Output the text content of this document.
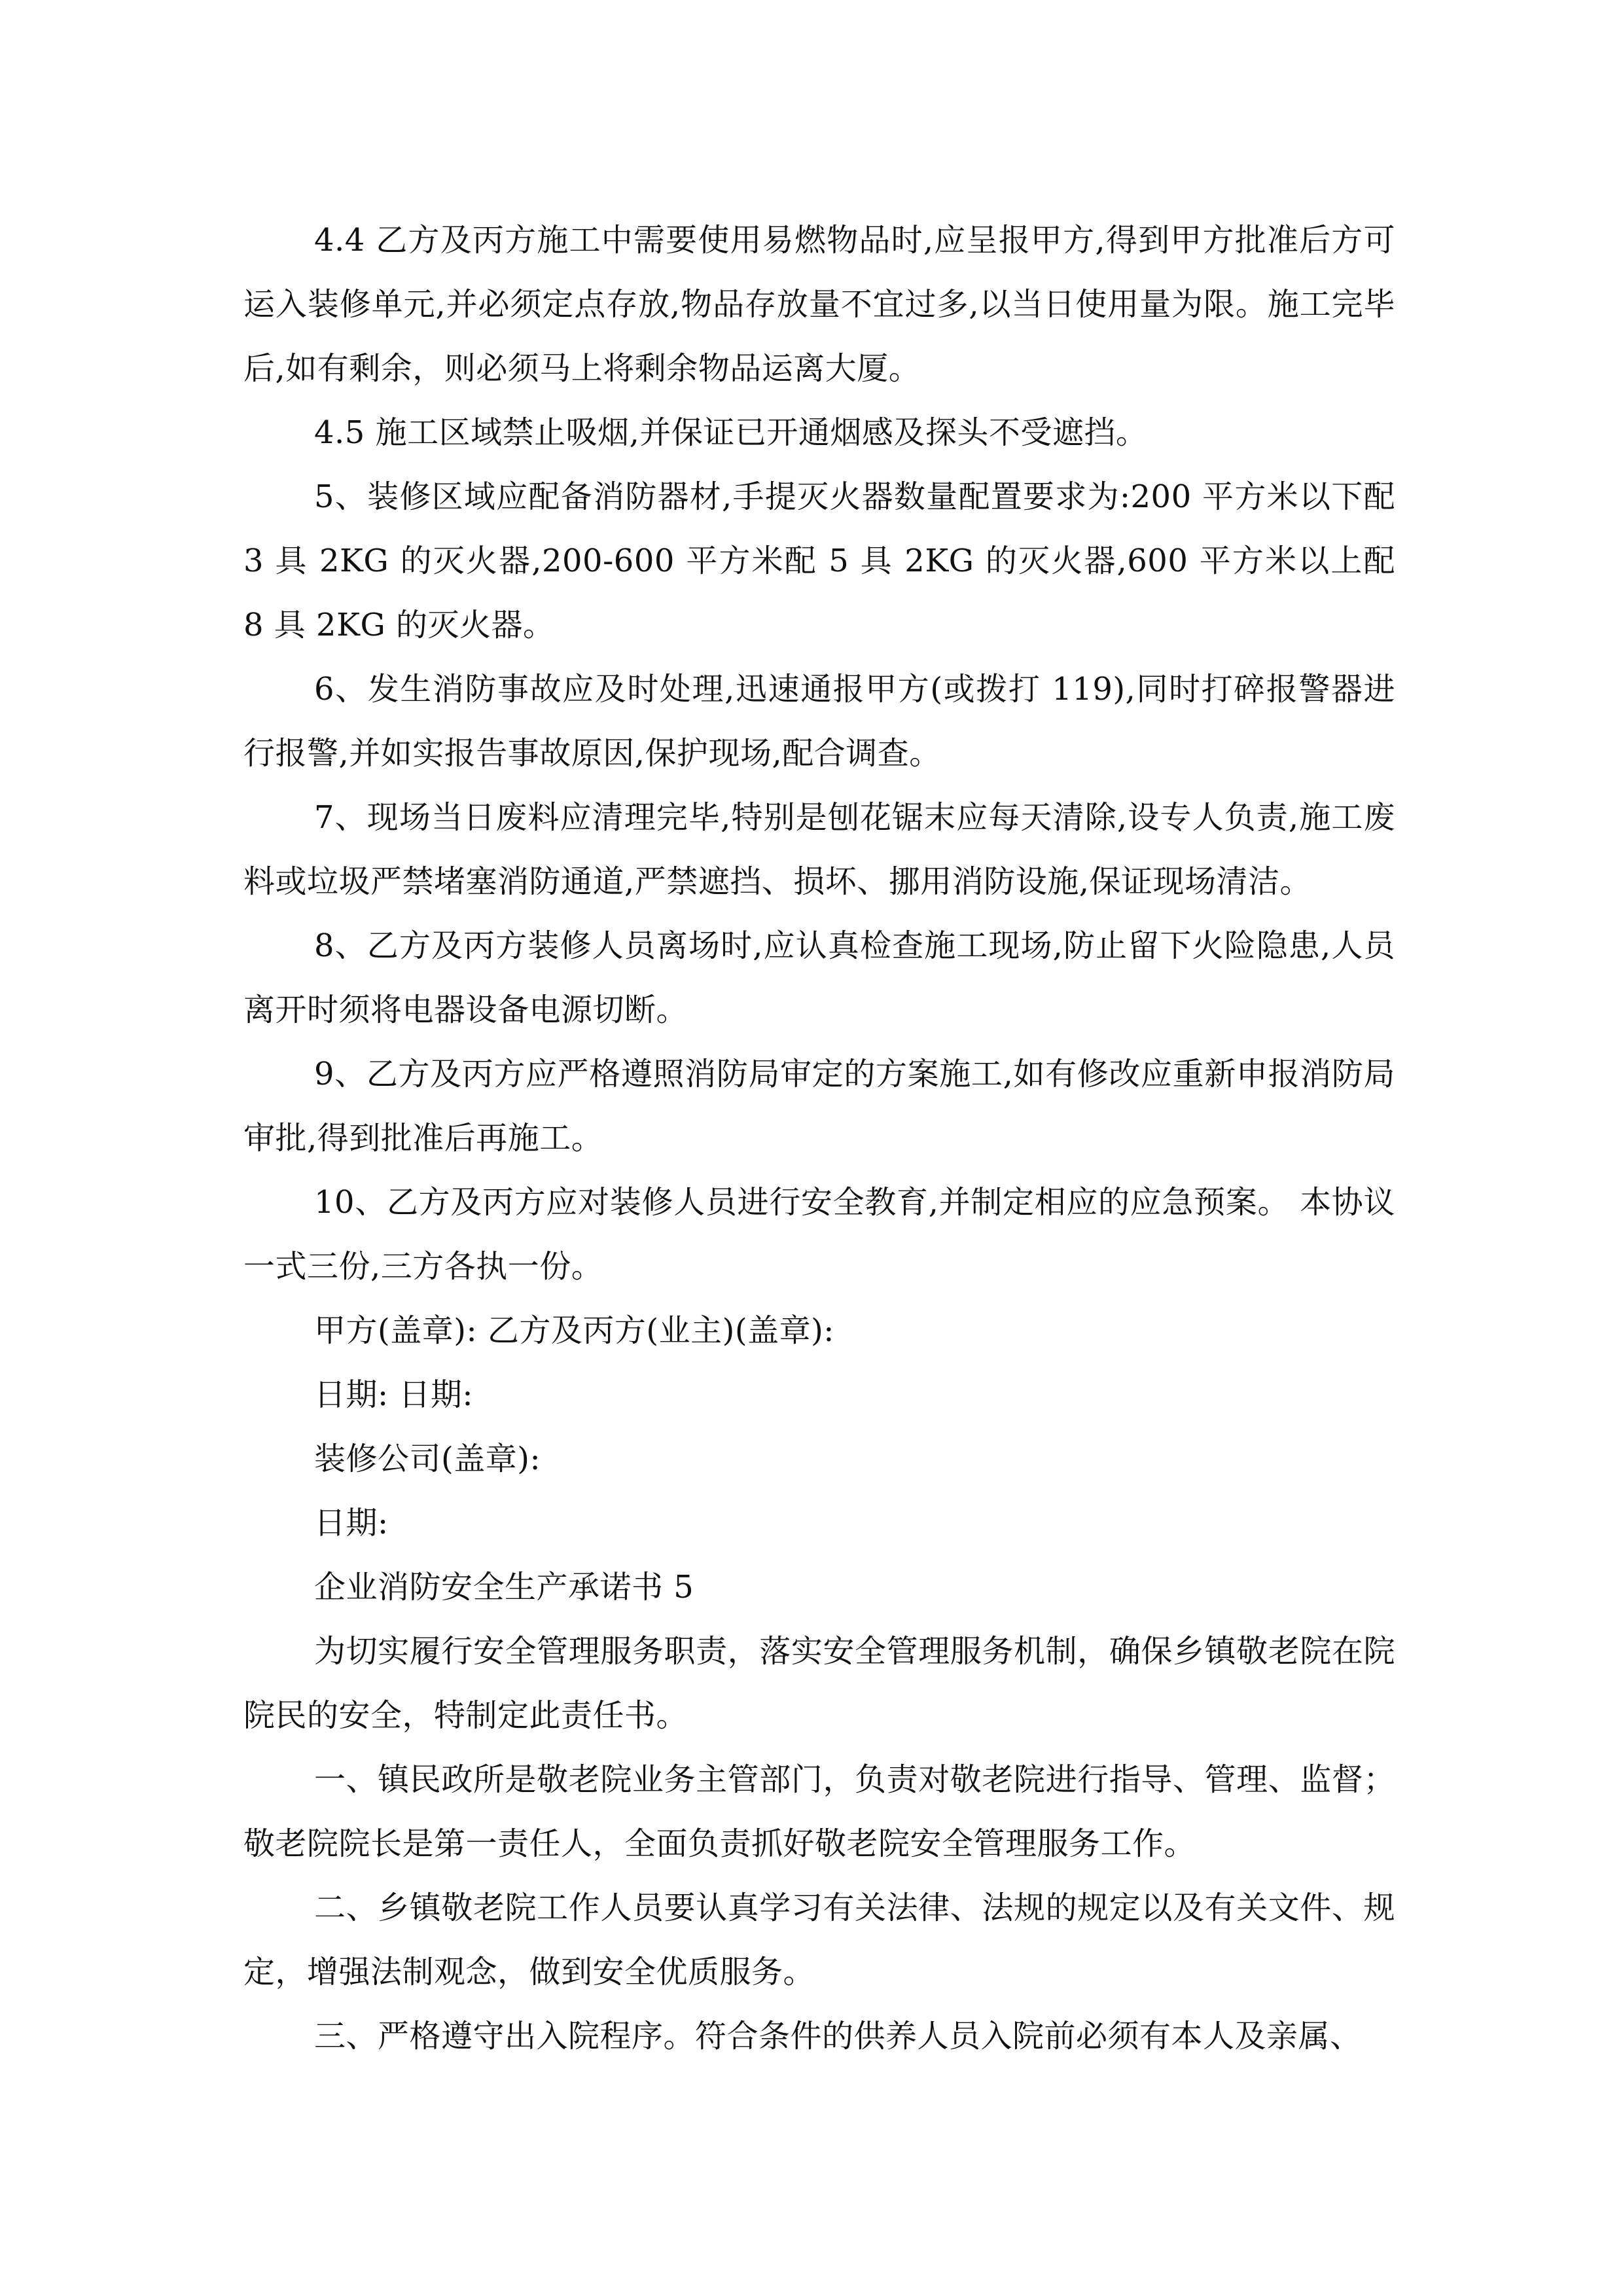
4.4 乙方及丙方施工中需要使用易燃物品时,应呈报甲方,得到甲方批准后方可运入装修单元,并必须定点存放,物品存放量不宜过多,以当日使用量为限。施工完毕后,如有剩余，则必须马上将剩余物品运离大厦。

4.5 施工区域禁止吸烟,并保证已开通烟感及探头不受遮挡。

5、装修区域应配备消防器材,手提灭火器数量配置要求为:200 平方米以下配 3 具 2KG 的灭火器,200-600 平方米配 5 具 2KG 的灭火器,600 平方米以上配 8 具 2KG 的灭火器。

6、发生消防事故应及时处理,迅速通报甲方(或拨打 119),同时打碎报警器进行报警,并如实报告事故原因,保护现场,配合调查。

7、现场当日废料应清理完毕,特别是刨花锯末应每天清除,设专人负责,施工废料或垃圾严禁堵塞消防通道,严禁遮挡、损坏、挪用消防设施,保证现场清洁。

8、乙方及丙方装修人员离场时,应认真检查施工现场,防止留下火险隐患,人员离开时须将电器设备电源切断。

9、乙方及丙方应严格遵照消防局审定的方案施工,如有修改应重新申报消防局审批,得到批准后再施工。

10、乙方及丙方应对装修人员进行安全教育,并制定相应的应急预案。 本协议一式三份,三方各执一份。

甲方(盖章): 乙方及丙方(业主)(盖章):

日期: 日期:

装修公司(盖章):

日期:

企业消防安全生产承诺书 5

为切实履行安全管理服务职责，落实安全管理服务机制，确保乡镇敬老院在院院民的安全，特制定此责任书。

一、镇民政所是敬老院业务主管部门，负责对敬老院进行指导、管理、监督；敬老院院长是第一责任人，全面负责抓好敬老院安全管理服务工作。

二、乡镇敬老院工作人员要认真学习有关法律、法规的规定以及有关文件、规定，增强法制观念，做到安全优质服务。

三、严格遵守出入院程序。符合条件的供养人员入院前必须有本人及亲属、
